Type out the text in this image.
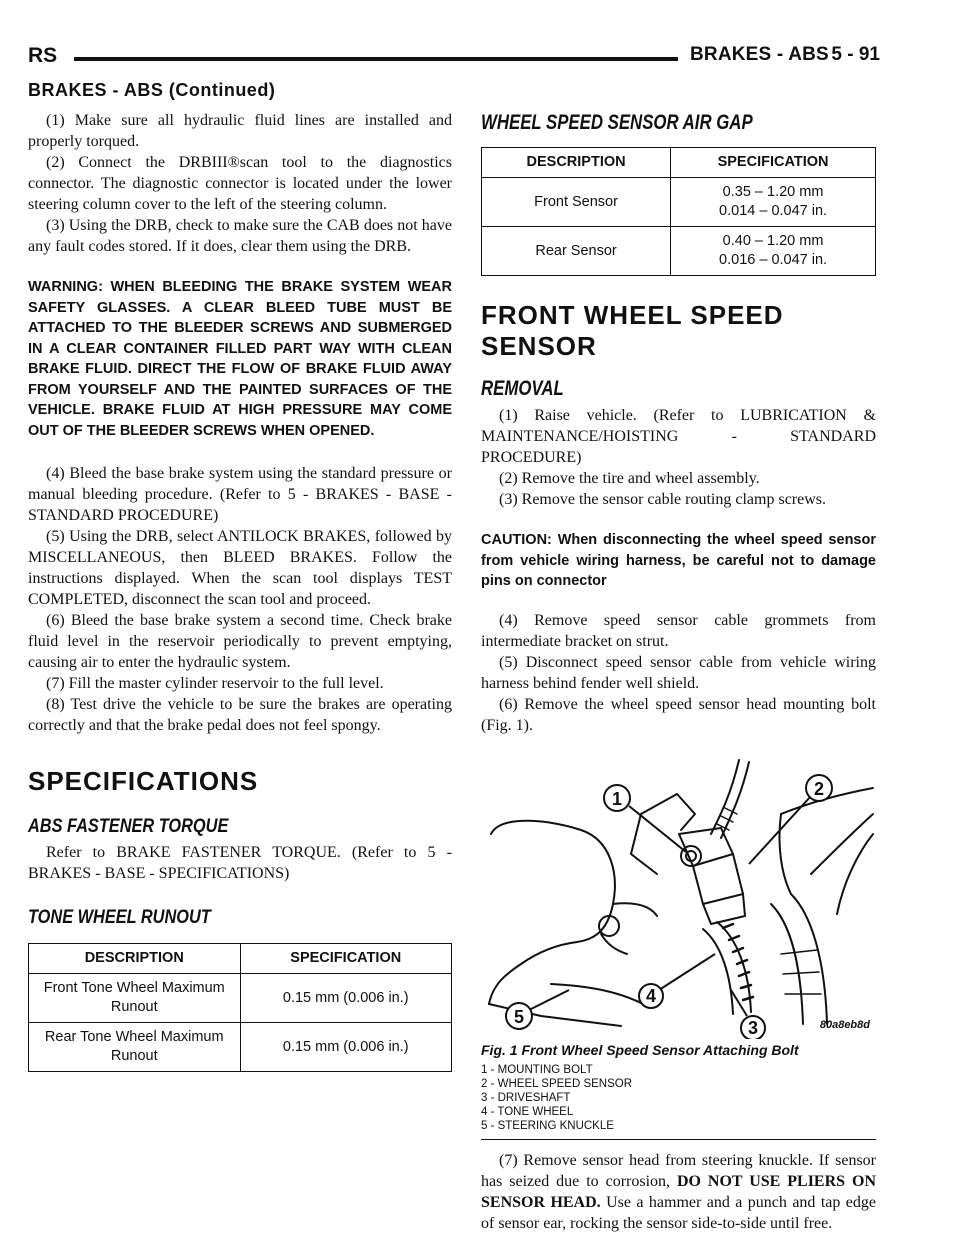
RS	BRAKES - ABS 5 - 91
BRAKES - ABS (Continued)

(1) Make sure all hydraulic fluid lines are installed and properly torqued.

(2) Connect the DRBIII®scan tool to the diagnostics connector. The diagnostic connector is located under the lower steering column cover to the left of the steering column.

(3) Using the DRB, check to make sure the CAB does not have any fault codes stored. If it does, clear them using the DRB.

WARNING: WHEN BLEEDING THE BRAKE SYSTEM WEAR SAFETY GLASSES. A CLEAR BLEED TUBE MUST BE ATTACHED TO THE BLEEDER SCREWS AND SUBMERGED IN A CLEAR CONTAINER FILLED PART WAY WITH CLEAN BRAKE FLUID. DIRECT THE FLOW OF BRAKE FLUID AWAY FROM YOURSELF AND THE PAINTED SURFACES OF THE VEHICLE. BRAKE FLUID AT HIGH PRESSURE MAY COME OUT OF THE BLEEDER SCREWS WHEN OPENED.

(4) Bleed the base brake system using the standard pressure or manual bleeding procedure. (Refer to 5 - BRAKES - BASE - STANDARD PROCEDURE)

(5) Using the DRB, select ANTILOCK BRAKES, followed by MISCELLANEOUS, then BLEED BRAKES. Follow the instructions displayed. When the scan tool displays TEST COMPLETED, disconnect the scan tool and proceed.

(6) Bleed the base brake system a second time. Check brake fluid level in the reservoir periodically to prevent emptying, causing air to enter the hydraulic system.

(7) Fill the master cylinder reservoir to the full level.

(8) Test drive the vehicle to be sure the brakes are operating correctly and that the brake pedal does not feel spongy.

SPECIFICATIONS
ABS FASTENER TORQUE

Refer to BRAKE FASTENER TORQUE. (Refer to 5 - BRAKES - BASE - SPECIFICATIONS)

TONE WHEEL RUNOUT
DESCRIPTION	SPECIFICATION
Front Tone Wheel Maximum Runout	0.15 mm (0.006 in.)
Rear Tone Wheel Maximum Runout	0.15 mm (0.006 in.)
WHEEL SPEED SENSOR AIR GAP
DESCRIPTION	SPECIFICATION
Front Sensor	0.35 – 1.20 mm
0.014 – 0.047 in.

Rear Sensor	0.40 – 1.20 mm
0.016 – 0.047 in.
FRONT WHEEL SPEED
SENSOR
REMOVAL

(1) Raise vehicle. (Refer to LUBRICATION & MAINTENANCE/HOISTING - STANDARD PROCEDURE)

(2) Remove the tire and wheel assembly.

(3) Remove the sensor cable routing clamp screws.

CAUTION: When disconnecting the wheel speed sensor from vehicle wiring harness, be careful not to damage pins on connector

(4) Remove speed sensor cable grommets from intermediate bracket on strut.

(5) Disconnect speed sensor cable from vehicle wiring harness behind fender well shield.

(6) Remove the wheel speed sensor head mounting bolt (Fig. 1).

1	2
3
4
5	80a8eb8d
Fig. 1 Front Wheel Speed Sensor Attaching Bolt
1 - MOUNTING BOLT
2 - WHEEL SPEED SENSOR
3 - DRIVESHAFT
4 - TONE WHEEL
5 - STEERING KNUCKLE

(7) Remove sensor head from steering knuckle. If sensor has seized due to corrosion, DO NOT USE PLIERS ON SENSOR HEAD. Use a hammer and a punch and tap edge of sensor ear, rocking the sensor side-to-side until free.
